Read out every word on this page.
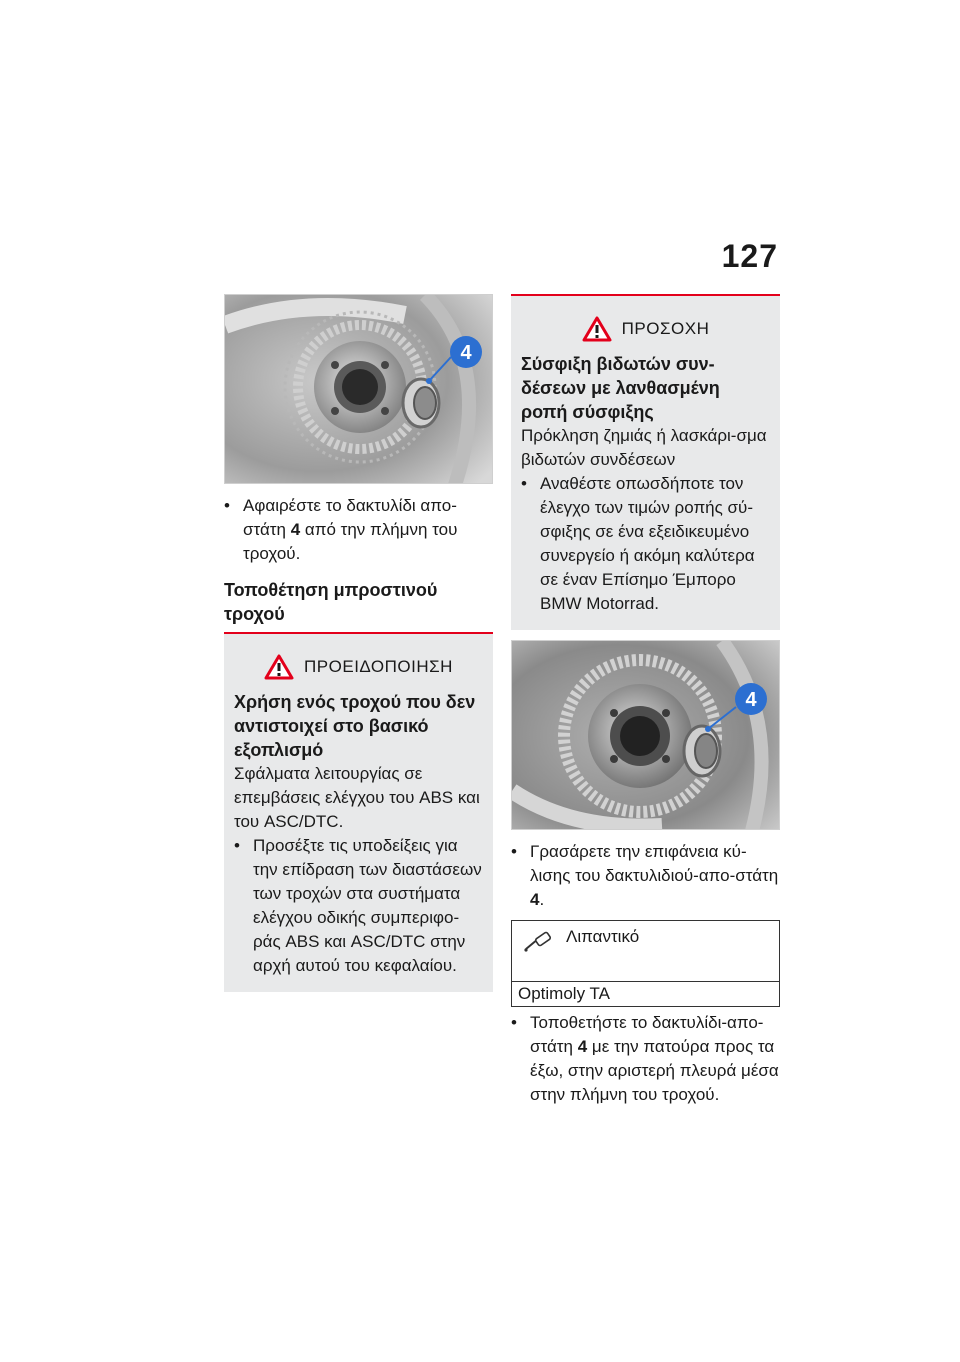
127
4
• Αφαιρέστε το δακτυλίδι απο-στάτη 4 από την πλήμνη του τροχού.
Τοποθέτηση μπροστινού τροχού
ΠΡΟΕΙΔΟΠΟΙΗΣΗ
Χρήση ενός τροχού που δεν αντιστοιχεί στο βασικό εξοπλισμό
Σφάλματα λειτουργίας σε επεμβάσεις ελέγχου του ABS και του ASC/DTC.
• Προσέξτε τις υποδείξεις για την επίδραση των διαστάσεων των τροχών στα συστήματα ελέγχου οδικής συμπεριφο-ράς ABS και ASC/DTC στην αρχή αυτού του κεφαλαίου.
ΠΡΟΣΟΧΗ
Σύσφιξη βιδωτών συν-δέσεων με λανθασμένη ροπή σύσφιξης
Πρόκληση ζημιάς ή λασκάρι-σμα βιδωτών συνδέσεων
• Αναθέστε οπωσδήποτε τον έλεγχο των τιμών ροπής σύ-σφιξης σε ένα εξειδικευμένο συνεργείο ή ακόμη καλύτερα σε έναν Επίσημο Έμπορο BMW Motorrad.
4
• Γρασάρετε την επιφάνεια κύ-λισης του δακτυλιδιού-απο-στάτη 4.
Λιπαντικό
Optimoly TA
• Τοποθετήστε το δακτυλίδι-απο-στάτη 4 με την πατούρα προς τα έξω, στην αριστερή πλευρά μέσα στην πλήμνη του τροχού.
